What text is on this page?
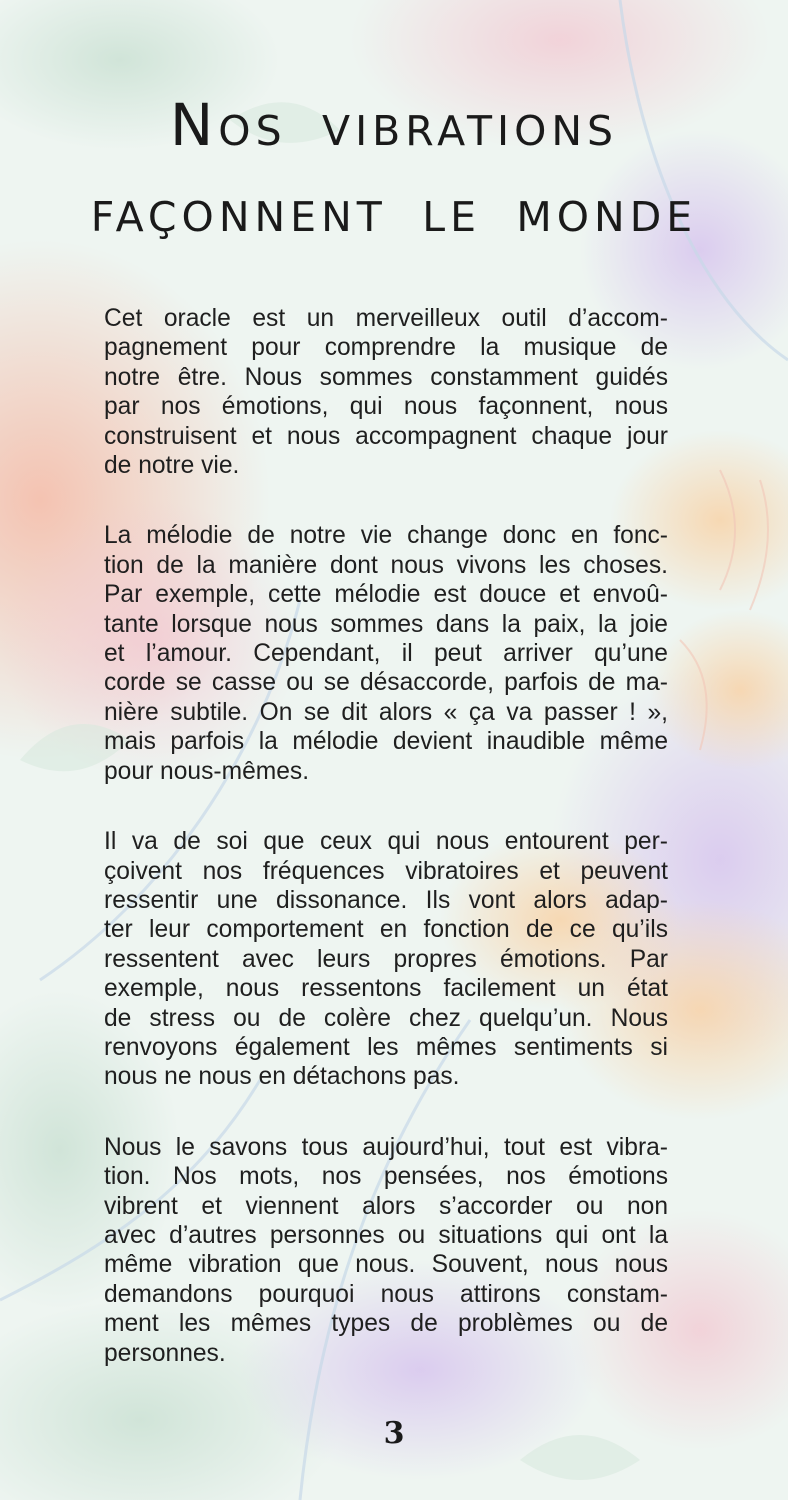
Nos vibrations
façonnent le monde

Cet oracle est un merveilleux outil d’accom-
pagnement pour comprendre la musique de
notre être. Nous sommes constamment guidés
par nos émotions, qui nous façonnent, nous
construisent et nous accompagnent chaque jour
de notre vie.

La mélodie de notre vie change donc en fonc-
tion de la manière dont nous vivons les choses.
Par exemple, cette mélodie est douce et envoû-
tante lorsque nous sommes dans la paix, la joie
et l’amour. Cependant, il peut arriver qu’une
corde se casse ou se désaccorde, parfois de ma-
nière subtile. On se dit alors « ça va passer ! »,
mais parfois la mélodie devient inaudible même
pour nous-mêmes.

Il va de soi que ceux qui nous entourent per-
çoivent nos fréquences vibratoires et peuvent
ressentir une dissonance. Ils vont alors adap-
ter leur comportement en fonction de ce qu’ils
ressentent avec leurs propres émotions. Par
exemple, nous ressentons facilement un état
de stress ou de colère chez quelqu’un. Nous
renvoyons également les mêmes sentiments si
nous ne nous en détachons pas.

Nous le savons tous aujourd’hui, tout est vibra-
tion. Nos mots, nos pensées, nos émotions
vibrent et viennent alors s’accorder ou non
avec d’autres personnes ou situations qui ont la
même vibration que nous. Souvent, nous nous
demandons pourquoi nous attirons constam-
ment les mêmes types de problèmes ou de
personnes.

3
